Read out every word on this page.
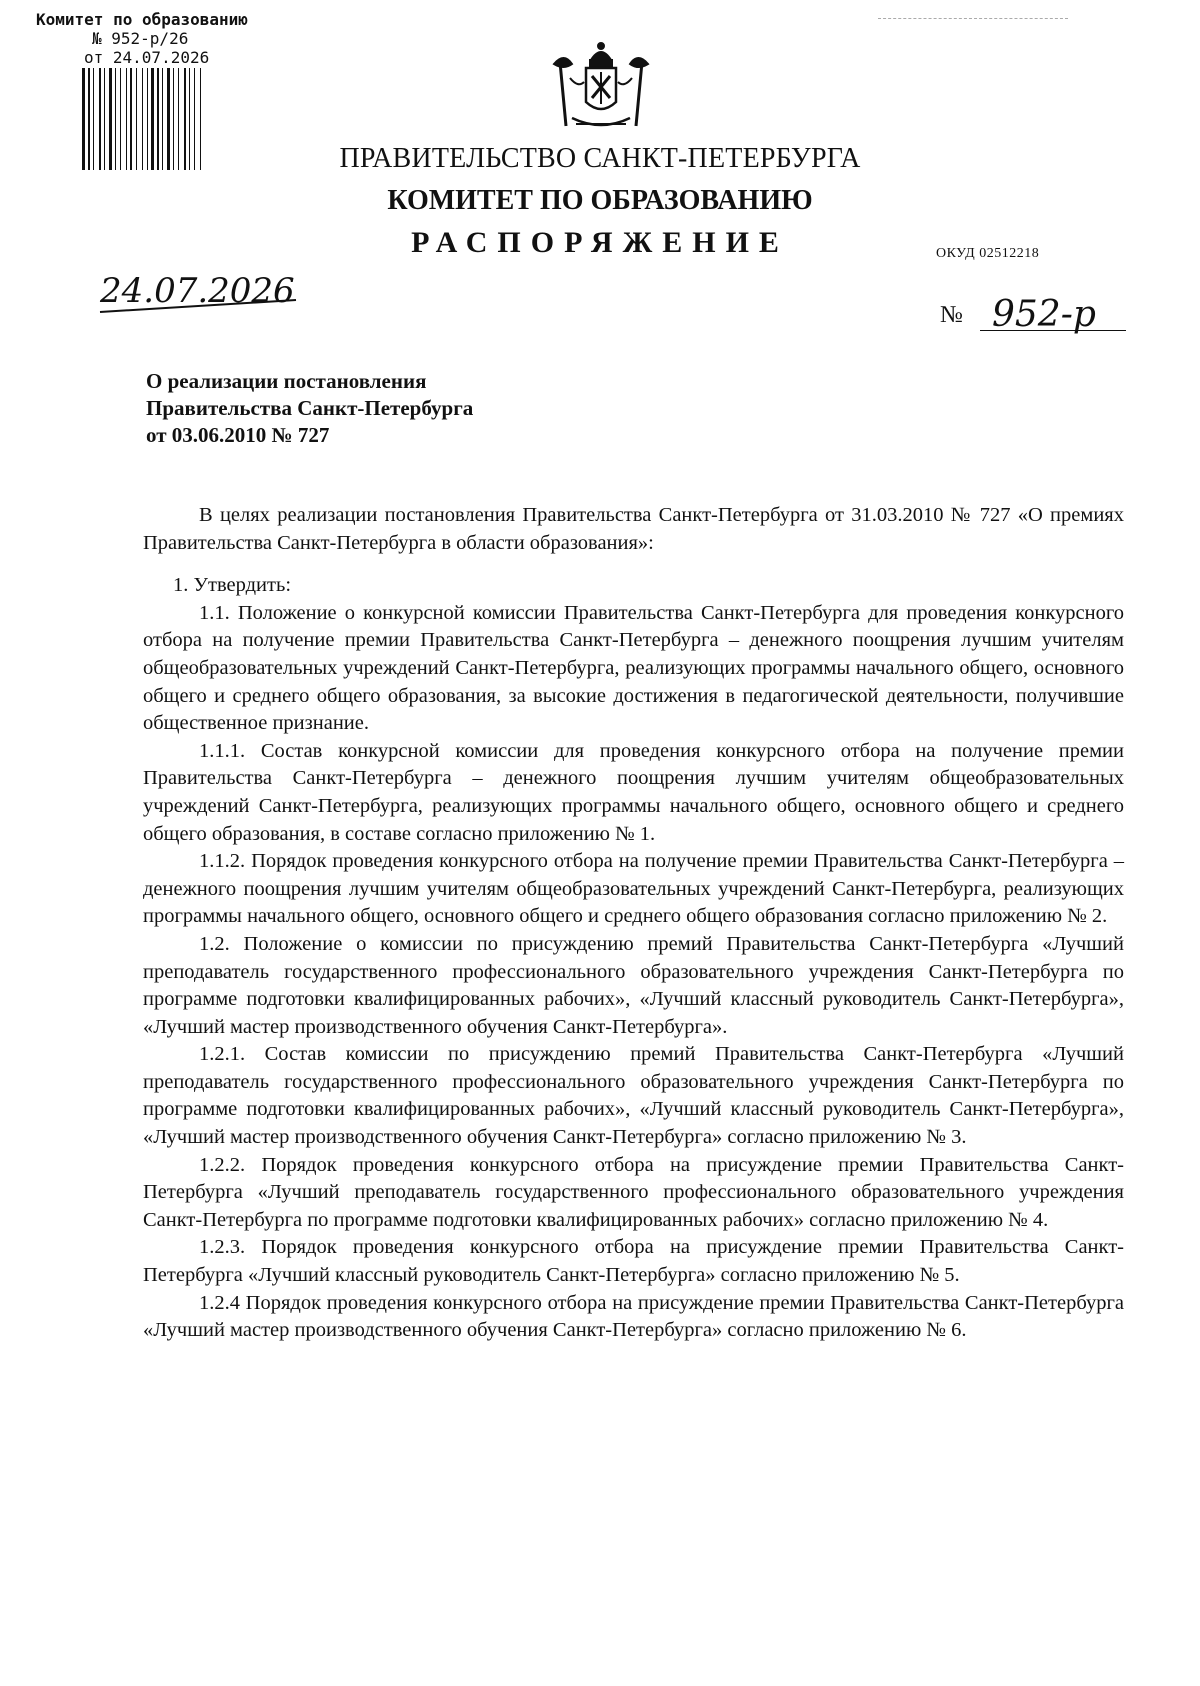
Комитет по образованию
№ 952-р/26
от 24.07.2026
ПРАВИТЕЛЬСТВО САНКТ-ПЕТЕРБУРГА
КОМИТЕТ ПО ОБРАЗОВАНИЮ
РАСПОРЯЖЕНИЕ	ОКУД 02512218
24.07.2026
№ 952-р
О реализации постановления
Правительства Санкт-Петербурга
от 03.06.2010 № 727

В целях реализации постановления Правительства Санкт-Петербурга от 31.03.2010 № 727 «О премиях Правительства Санкт-Петербурга в области образования»:

1. Утвердить:

1.1. Положение о конкурсной комиссии Правительства Санкт-Петербурга для проведения конкурсного отбора на получение премии Правительства Санкт-Петербурга – денежного поощрения лучшим учителям общеобразовательных учреждений Санкт-Петербурга, реализующих программы начального общего, основного общего и среднего общего образования, за высокие достижения в педагогической деятельности, получившие общественное признание.

1.1.1. Состав конкурсной комиссии для проведения конкурсного отбора на получение премии Правительства Санкт-Петербурга – денежного поощрения лучшим учителям общеобразовательных учреждений Санкт-Петербурга, реализующих программы начального общего, основного общего и среднего общего образования, в составе согласно приложению № 1.

1.1.2. Порядок проведения конкурсного отбора на получение премии Правительства Санкт-Петербурга – денежного поощрения лучшим учителям общеобразовательных учреждений Санкт-Петербурга, реализующих программы начального общего, основного общего и среднего общего образования согласно приложению № 2.

1.2. Положение о комиссии по присуждению премий Правительства Санкт-Петербурга «Лучший преподаватель государственного профессионального образовательного учреждения Санкт-Петербурга по программе подготовки квалифицированных рабочих», «Лучший классный руководитель Санкт-Петербурга», «Лучший мастер производственного обучения Санкт-Петербурга».

1.2.1. Состав комиссии по присуждению премий Правительства Санкт-Петербурга «Лучший преподаватель государственного профессионального образовательного учреждения Санкт-Петербурга по программе подготовки квалифицированных рабочих», «Лучший классный руководитель Санкт-Петербурга», «Лучший мастер производственного обучения Санкт-Петербурга» согласно приложению № 3.

1.2.2. Порядок проведения конкурсного отбора на присуждение премии Правительства Санкт-Петербурга «Лучший преподаватель государственного профессионального образовательного учреждения Санкт-Петербурга по программе подготовки квалифицированных рабочих» согласно приложению № 4.

1.2.3. Порядок проведения конкурсного отбора на присуждение премии Правительства Санкт-Петербурга «Лучший классный руководитель Санкт-Петербурга» согласно приложению № 5.

1.2.4 Порядок проведения конкурсного отбора на присуждение премии Правительства Санкт-Петербурга «Лучший мастер производственного обучения Санкт-Петербурга» согласно приложению № 6.
